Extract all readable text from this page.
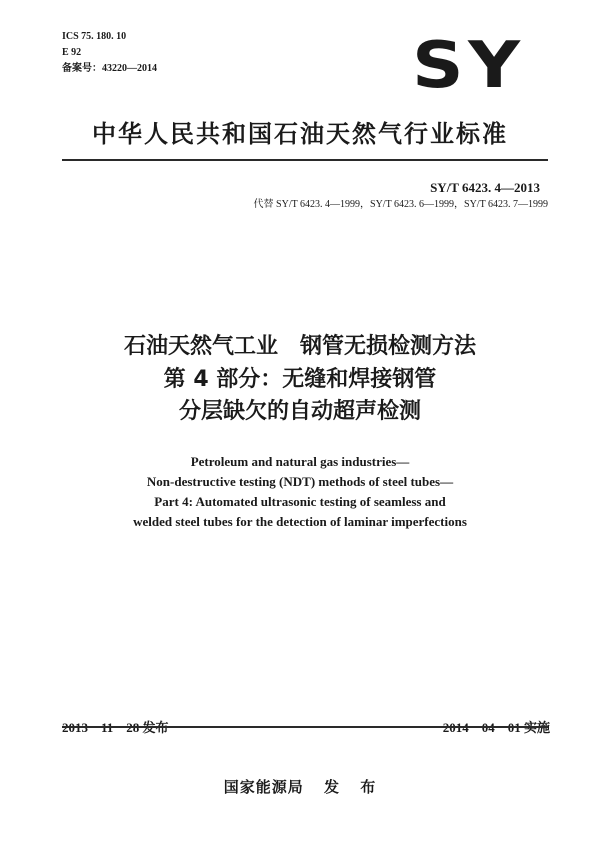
ICS 75. 180. 10
E 92
备案号：43220—2014	SY
中华人民共和国石油天然气行业标准
SY/T 6423. 4—2013
代替 SY/T 6423. 4—1999，SY/T 6423. 6—1999，SY/T 6423. 7—1999
石油天然气工业　钢管无损检测方法
第 4 部分：无缝和焊接钢管
分层缺欠的自动超声检测
Petroleum and natural gas industries—
Non-destructive testing (NDT) methods of steel tubes—
Part 4: Automated ultrasonic testing of seamless and
welded steel tubes for the detection of laminar imperfections
2013－11－28 发布	2014－04－01 实施
国家能源局 发 布
